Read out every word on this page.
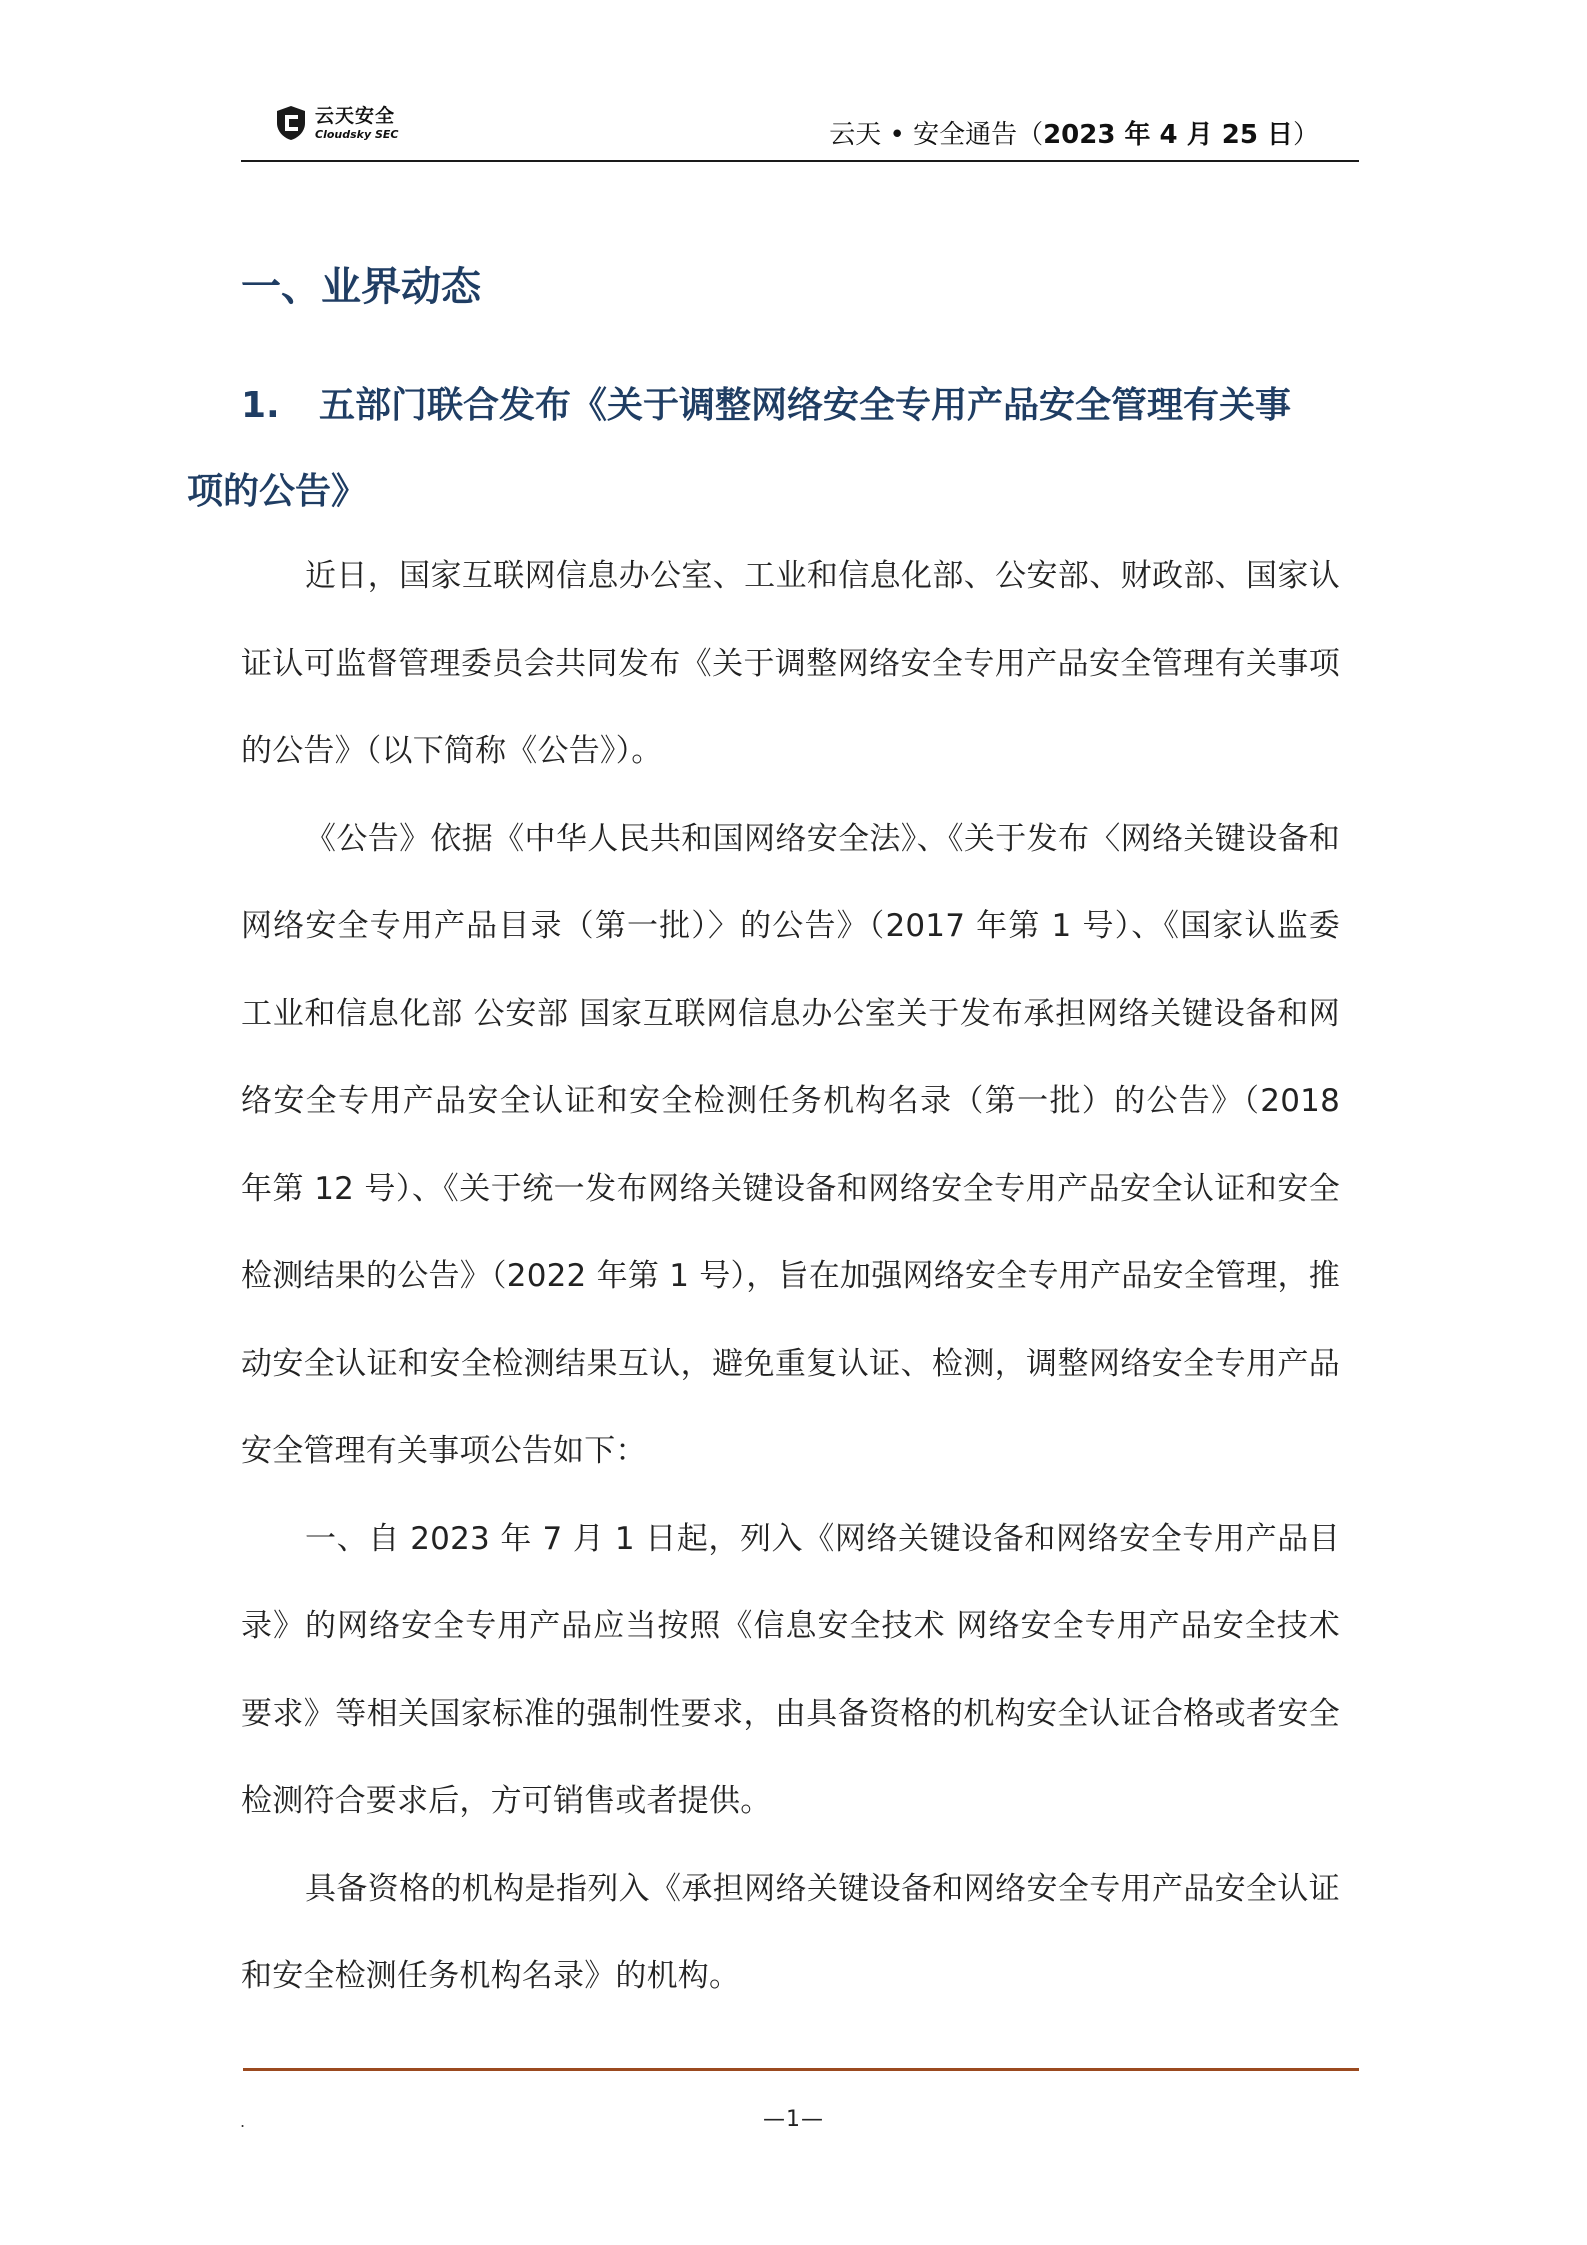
云天安全
Cloudsky SEC	云天 • 安全通告（2023 年 4 月 25 日）
一、业界动态
1. 五部门联合发布《关于调整网络安全专用产品安全管理有关事
项的公告》

近日，国家互联网信息办公室、工业和信息化部、公安部、财政部、国家认证认可监督管理委员会共同发布《关于调整网络安全专用产品安全管理有关事项的公告》（以下简称《公告》）。

《公告》依据《中华人民共和国网络安全法》、《关于发布〈网络关键设备和网络安全专用产品目录（第一批）〉的公告》（2017 年第 1 号）、《国家认监委 工业和信息化部 公安部 国家互联网信息办公室关于发布承担网络关键设备和网络安全专用产品安全认证和安全检测任务机构名录（第一批）的公告》（2018 年第 12 号）、《关于统一发布网络关键设备和网络安全专用产品安全认证和安全检测结果的公告》（2022 年第 1 号），旨在加强网络安全专用产品安全管理，推动安全认证和安全检测结果互认，避免重复认证、检测，调整网络安全专用产品安全管理有关事项公告如下：

一、自 2023 年 7 月 1 日起，列入《网络关键设备和网络安全专用产品目录》的网络安全专用产品应当按照《信息安全技术 网络安全专用产品安全技术要求》等相关国家标准的强制性要求，由具备资格的机构安全认证合格或者安全检测符合要求后，方可销售或者提供。

具备资格的机构是指列入《承担网络关键设备和网络安全专用产品安全认证和安全检测任务机构名录》的机构。

.	—1—
